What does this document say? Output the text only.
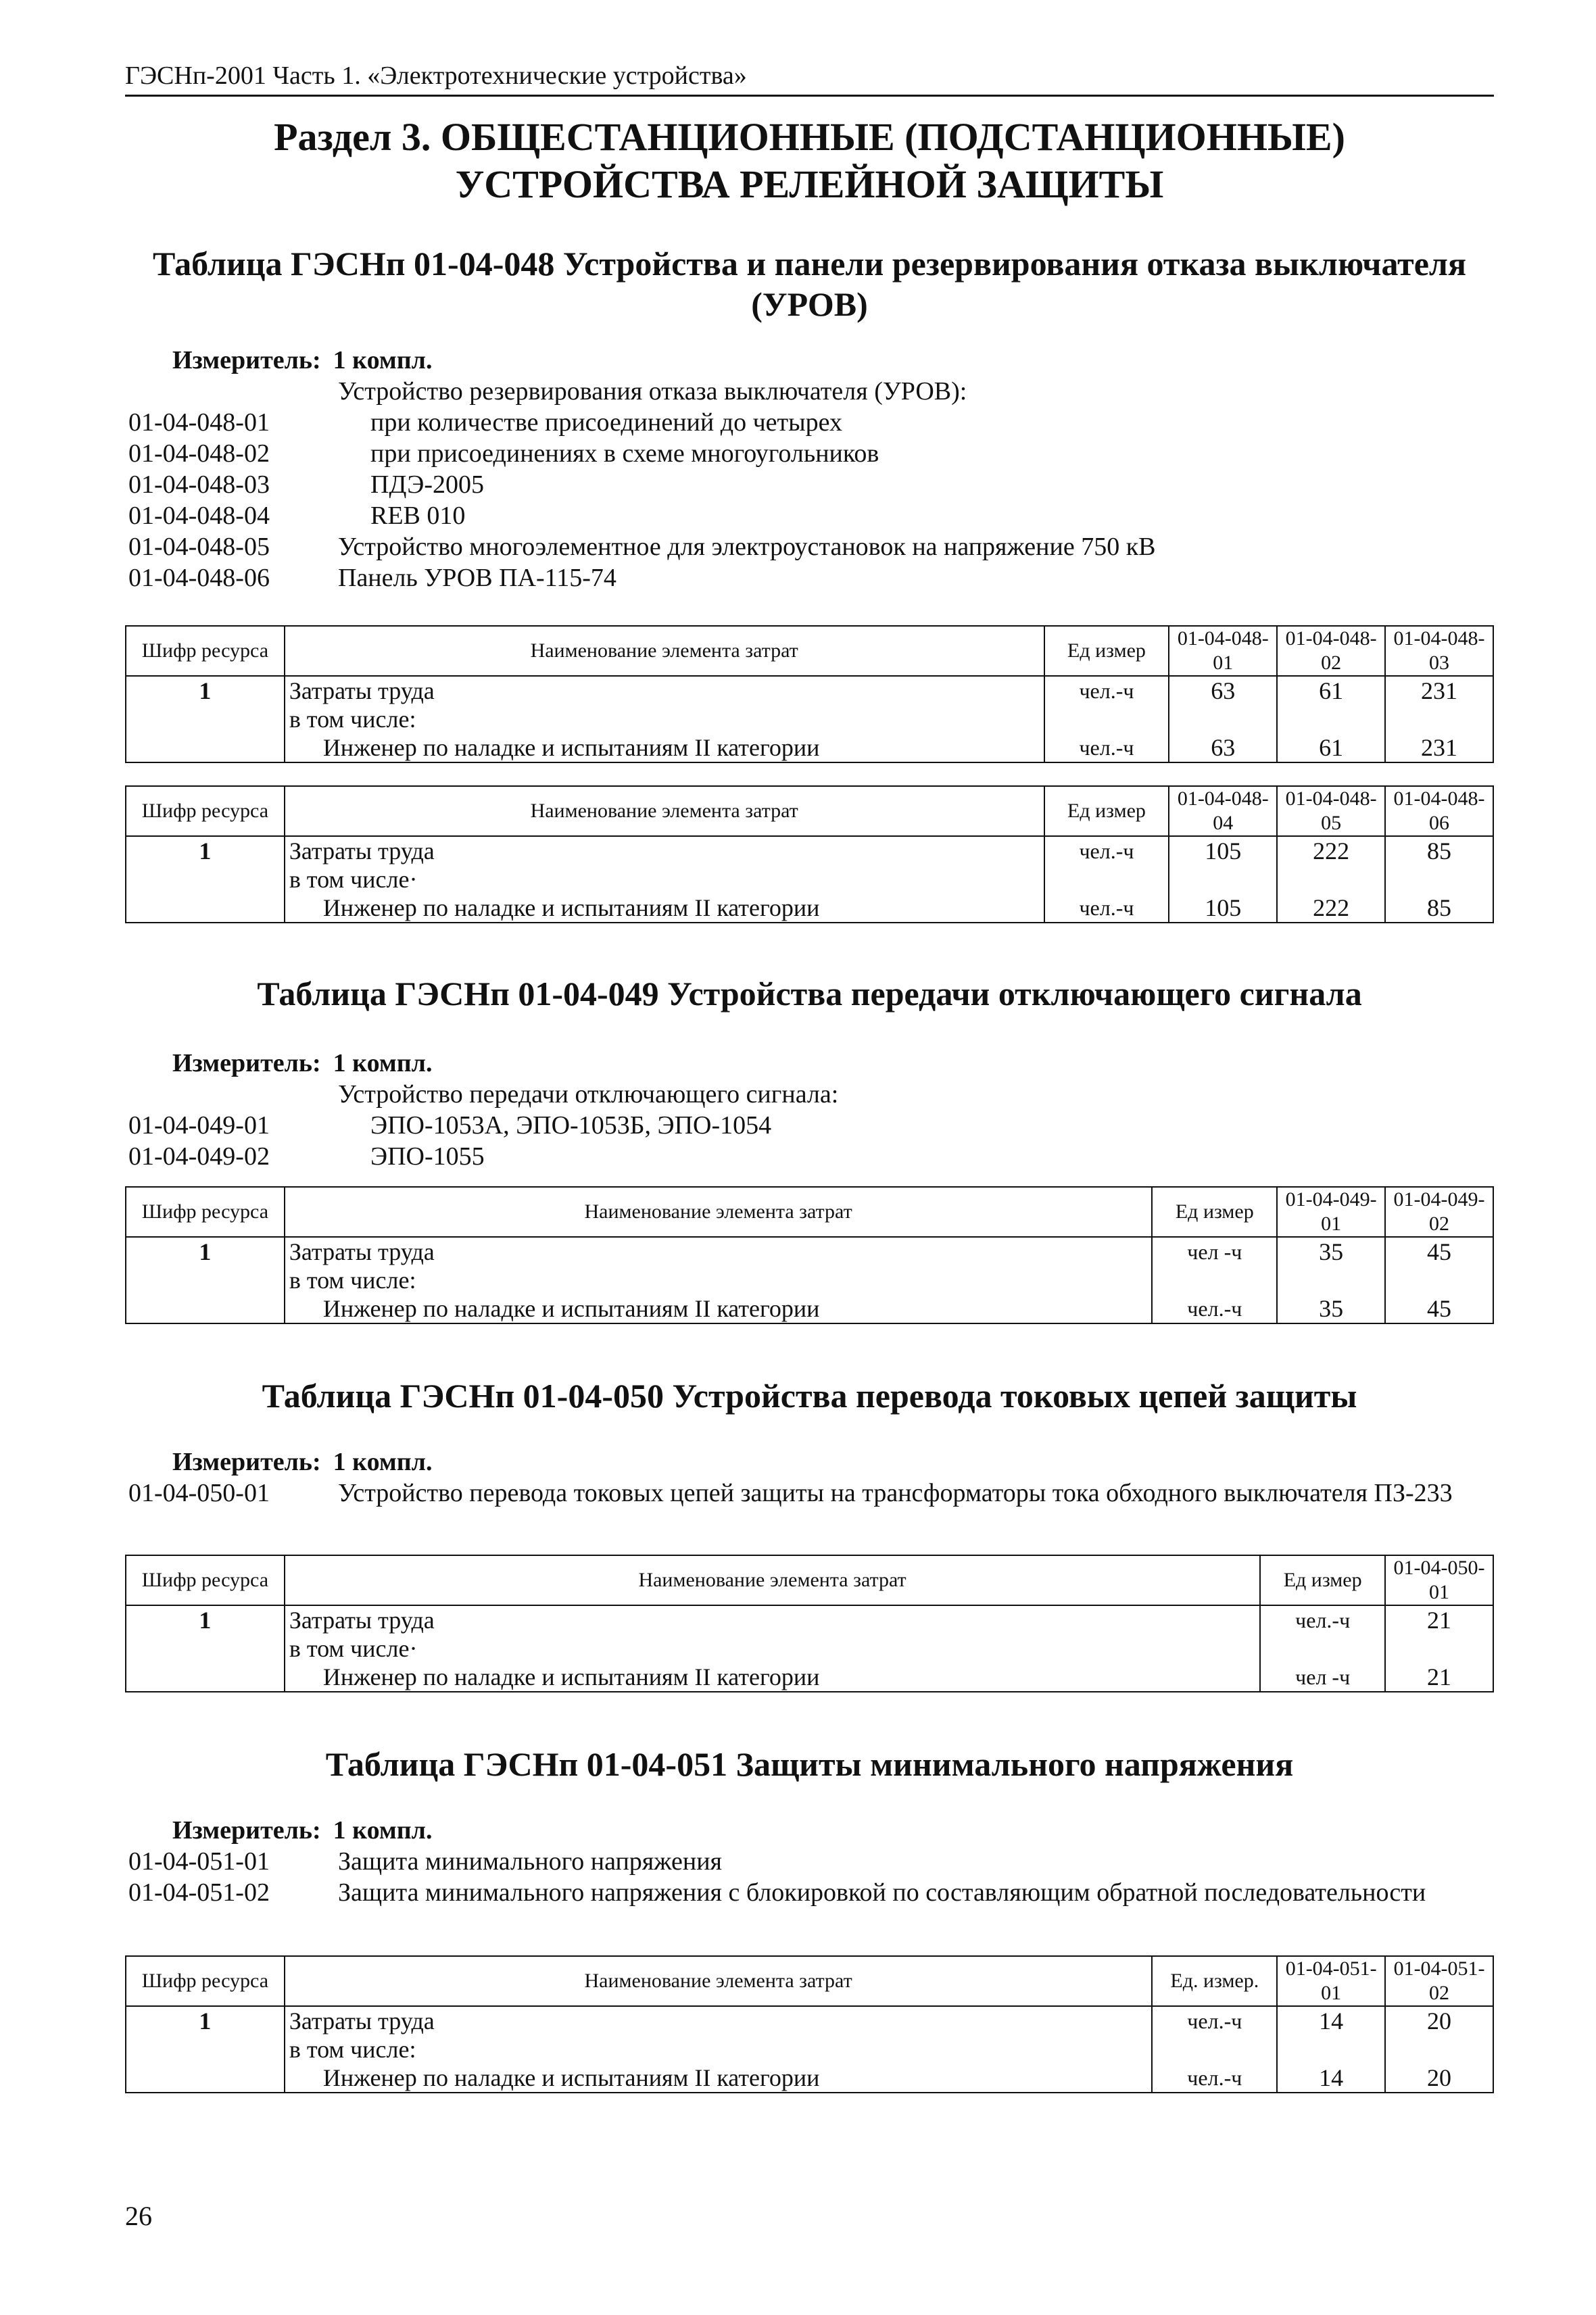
ГЭСНп-2001 Часть 1. «Электротехнические устройства»
Раздел 3. ОБЩЕСТАНЦИОННЫЕ (ПОДСТАНЦИОННЫЕ)
УСТРОЙСТВА РЕЛЕЙНОЙ ЗАЩИТЫ
Таблица ГЭСНп 01-04-048 Устройства и панели резервирования отказа выключателя
(УРОВ)
Измеритель: 1 компл.
Устройство резервирования отказа выключателя (УРОВ):
01-04-048-01	при количестве присоединений до четырех
01-04-048-02	при присоединениях в схеме многоугольников
01-04-048-03	ПДЭ-2005
01-04-048-04	REB 010
01-04-048-05	Устройство многоэлементное для электроустановок на напряжение 750 кВ
01-04-048-06	Панель УРОВ ПА-115-74
Шифр ресурса	Наименование элемента затрат	Ед измер	01-04-048-01	01-04-048-02	01-04-048-03
1	Затраты труда	чел.-ч	63	61	231
	в том числе:				
	Инженер по наладке и испытаниям II категории	чел.-ч	63	61	231
Шифр ресурса	Наименование элемента затрат	Ед измер	01-04-048-04	01-04-048-05	01-04-048-06
1	Затраты труда	чел.-ч	105	222	85
	в том числе·				
	Инженер по наладке и испытаниям II категории	чел.-ч	105	222	85
Таблица ГЭСНп 01-04-049 Устройства передачи отключающего сигнала
Измеритель: 1 компл.
Устройство передачи отключающего сигнала:
01-04-049-01	ЭПО-1053А, ЭПО-1053Б, ЭПО-1054
01-04-049-02	ЭПО-1055
Шифр ресурса	Наименование элемента затрат	Ед измер	01-04-049-01	01-04-049-02
1	Затраты труда	чел -ч	35	45
	в том числе:			
	Инженер по наладке и испытаниям II категории	чел.-ч	35	45
Таблица ГЭСНп 01-04-050 Устройства перевода токовых цепей защиты
Измеритель: 1 компл.
01-04-050-01	Устройство перевода токовых цепей защиты на трансформаторы тока обходного выключателя ПЗ-233
Шифр ресурса	Наименование элемента затрат	Ед измер	01-04-050-01
1	Затраты труда	чел.-ч	21
	в том числе·		
	Инженер по наладке и испытаниям II категории	чел -ч	21
Таблица ГЭСНп 01-04-051 Защиты минимального напряжения
Измеритель: 1 компл.
01-04-051-01	Защита минимального напряжения
01-04-051-02	Защита минимального напряжения с блокировкой по составляющим обратной последовательности
Шифр ресурса	Наименование элемента затрат	Ед. измер.	01-04-051-01	01-04-051-02
1	Затраты труда	чел.-ч	14	20
	в том числе:			
	Инженер по наладке и испытаниям II категории	чел.-ч	14	20
26
